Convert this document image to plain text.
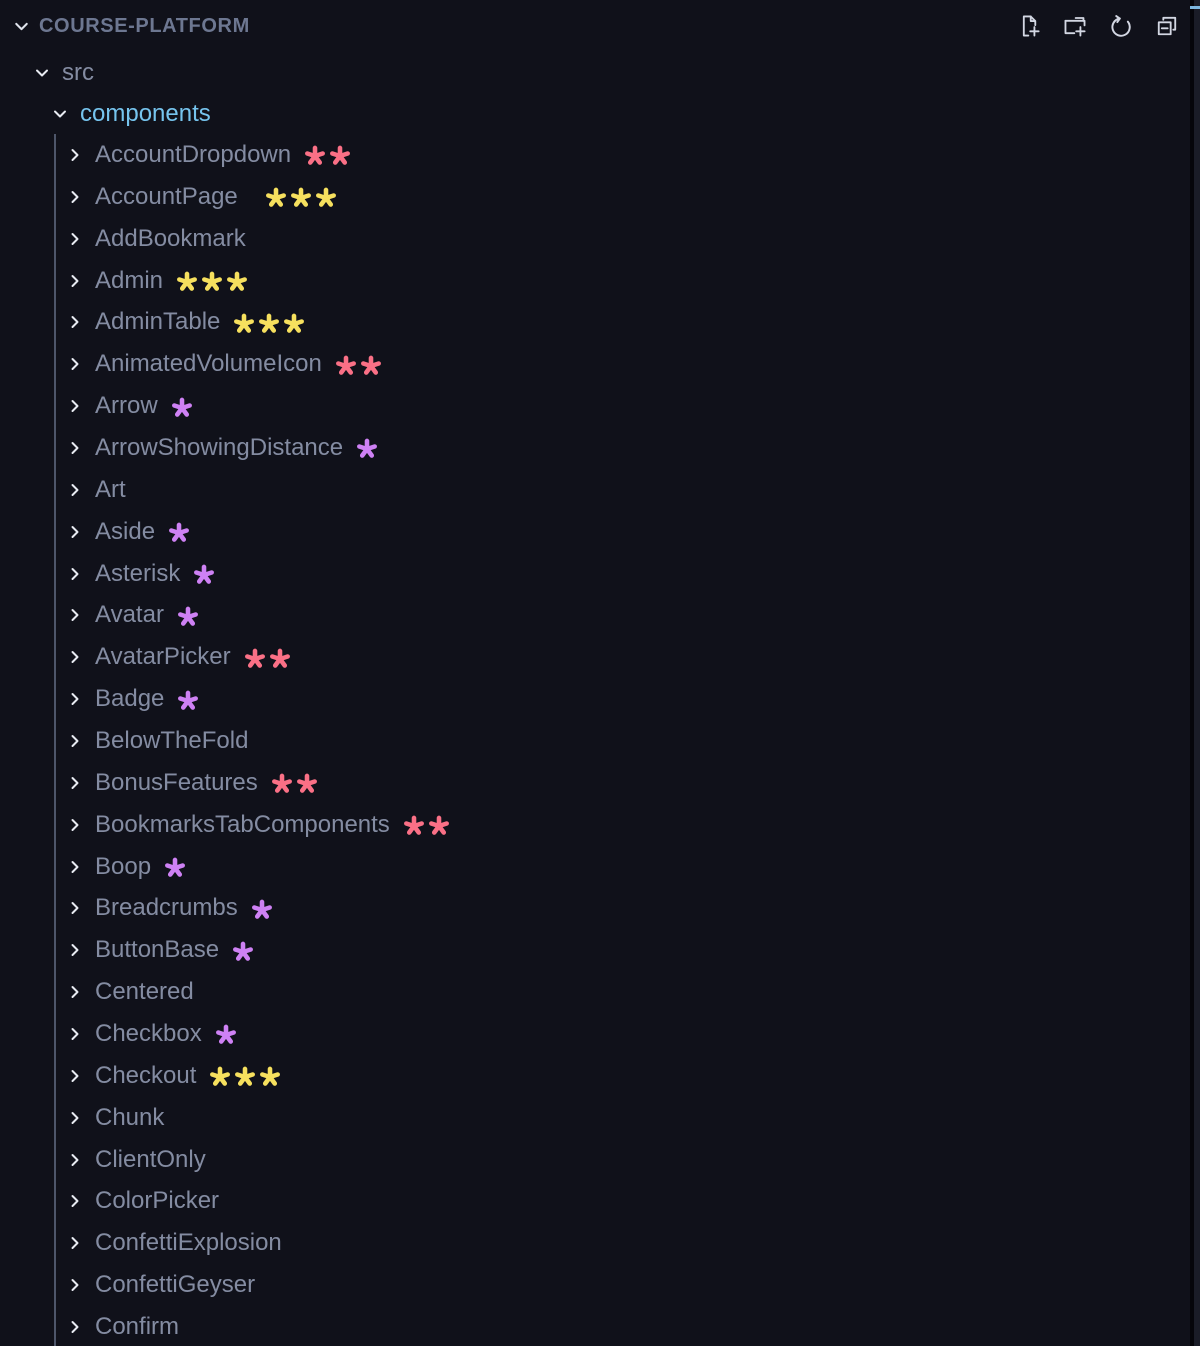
COURSE-PLATFORM
src
components
AccountDropdown
AccountPage
AddBookmark
Admin
AdminTable
AnimatedVolumeIcon
Arrow
ArrowShowingDistance
Art
Aside
Asterisk
Avatar
AvatarPicker
Badge
BelowTheFold
BonusFeatures
BookmarksTabComponents
Boop
Breadcrumbs
ButtonBase
Centered
Checkbox
Checkout
Chunk
ClientOnly
ColorPicker
ConfettiExplosion
ConfettiGeyser
Confirm
